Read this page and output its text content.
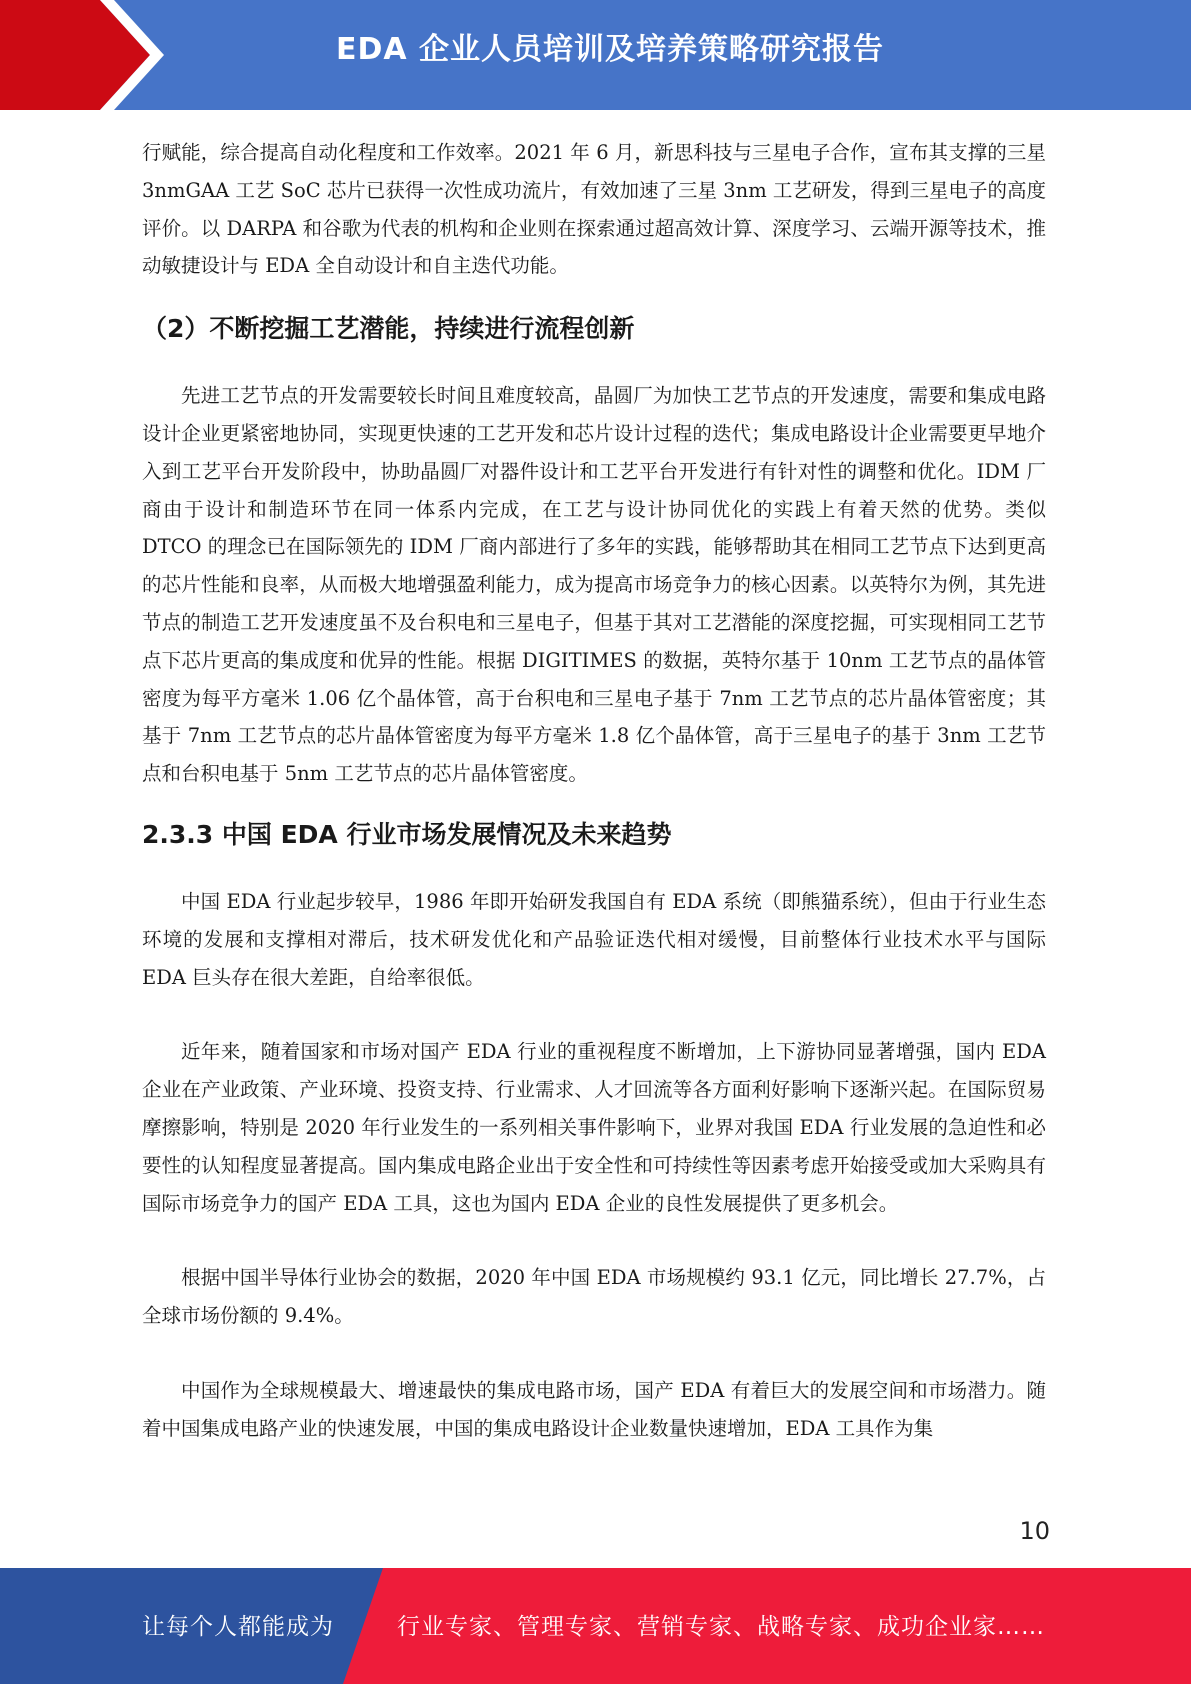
EDA 企业人员培训及培养策略研究报告

行赋能，综合提高自动化程度和工作效率。2021 年 6 月，新思科技与三星电子合作，宣布其支撑的三星 3nmGAA 工艺 SoC 芯片已获得一次性成功流片，有效加速了三星 3nm 工艺研发，得到三星电子的高度评价。以 DARPA 和谷歌为代表的机构和企业则在探索通过超高效计算、深度学习、云端开源等技术，推动敏捷设计与 EDA 全自动设计和自主迭代功能。

（2）不断挖掘工艺潜能，持续进行流程创新

先进工艺节点的开发需要较长时间且难度较高，晶圆厂为加快工艺节点的开发速度，需要和集成电路设计企业更紧密地协同，实现更快速的工艺开发和芯片设计过程的迭代；集成电路设计企业需要更早地介入到工艺平台开发阶段中，协助晶圆厂对器件设计和工艺平台开发进行有针对性的调整和优化。IDM 厂商由于设计和制造环节在同一体系内完成，在工艺与设计协同优化的实践上有着天然的优势。类似 DTCO 的理念已在国际领先的 IDM 厂商内部进行了多年的实践，能够帮助其在相同工艺节点下达到更高的芯片性能和良率，从而极大地增强盈利能力，成为提高市场竞争力的核心因素。以英特尔为例，其先进节点的制造工艺开发速度虽不及台积电和三星电子，但基于其对工艺潜能的深度挖掘，可实现相同工艺节点下芯片更高的集成度和优异的性能。根据 DIGITIMES 的数据，英特尔基于 10nm 工艺节点的晶体管密度为每平方毫米 1.06 亿个晶体管，高于台积电和三星电子基于 7nm 工艺节点的芯片晶体管密度；其基于 7nm 工艺节点的芯片晶体管密度为每平方毫米 1.8 亿个晶体管，高于三星电子的基于 3nm 工艺节点和台积电基于 5nm 工艺节点的芯片晶体管密度。

2.3.3 中国 EDA 行业市场发展情况及未来趋势

中国 EDA 行业起步较早，1986 年即开始研发我国自有 EDA 系统（即熊猫系统），但由于行业生态环境的发展和支撑相对滞后，技术研发优化和产品验证迭代相对缓慢，目前整体行业技术水平与国际 EDA 巨头存在很大差距，自给率很低。

近年来，随着国家和市场对国产 EDA 行业的重视程度不断增加，上下游协同显著增强，国内 EDA 企业在产业政策、产业环境、投资支持、行业需求、人才回流等各方面利好影响下逐渐兴起。在国际贸易摩擦影响，特别是 2020 年行业发生的一系列相关事件影响下，业界对我国 EDA 行业发展的急迫性和必要性的认知程度显著提高。国内集成电路企业出于安全性和可持续性等因素考虑开始接受或加大采购具有国际市场竞争力的国产 EDA 工具，这也为国内 EDA 企业的良性发展提供了更多机会。

根据中国半导体行业协会的数据，2020 年中国 EDA 市场规模约 93.1 亿元，同比增长 27.7%，占全球市场份额的 9.4%。

中国作为全球规模最大、增速最快的集成电路市场，国产 EDA 有着巨大的发展空间和市场潜力。随着中国集成电路产业的快速发展，中国的集成电路设计企业数量快速增加，EDA 工具作为集

10
让每个人都能成为	行业专家、管理专家、营销专家、战略专家、成功企业家……
